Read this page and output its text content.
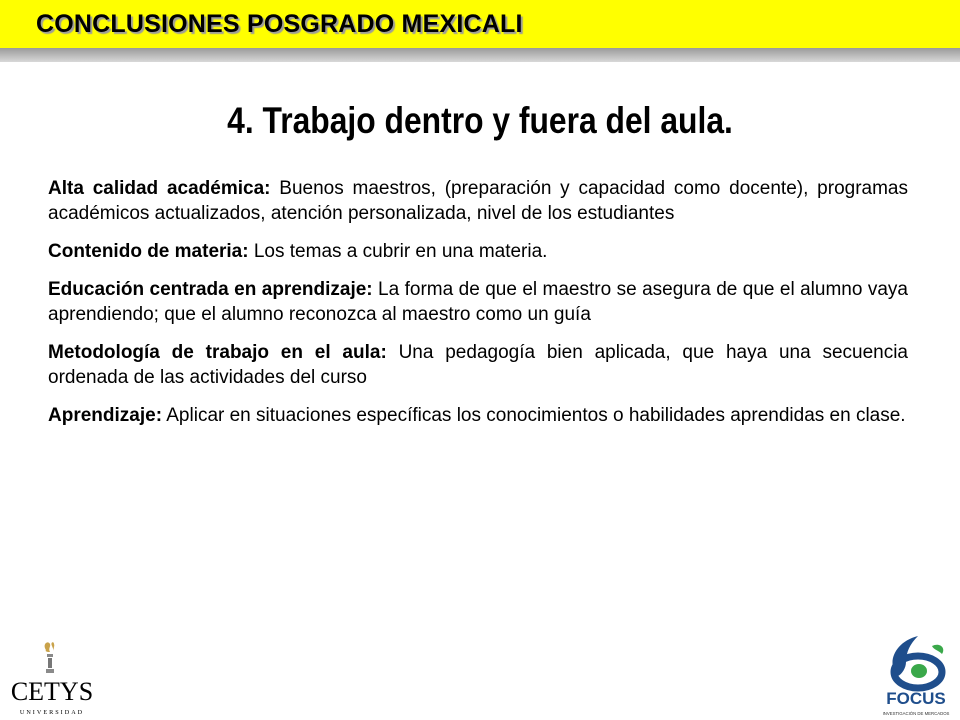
CONCLUSIONES POSGRADO MEXICALI
4. Trabajo dentro y fuera del aula.

Alta calidad académica: Buenos maestros, (preparación y capacidad como docente), programas académicos actualizados, atención personalizada, nivel de los estudiantes

Contenido de materia: Los temas a cubrir en una materia.

Educación centrada en aprendizaje: La forma de que el maestro se asegura de que el alumno vaya aprendiendo; que el alumno reconozca al maestro como un guía

Metodología de trabajo en el aula: Una pedagogía bien aplicada, que haya una secuencia ordenada de las actividades del curso

Aprendizaje: Aplicar en situaciones específicas los conocimientos o habilidades aprendidas en clase.

CETYS
UNIVERSIDAD
FOCUS
INVESTIGACIÓN DE MERCADOS
